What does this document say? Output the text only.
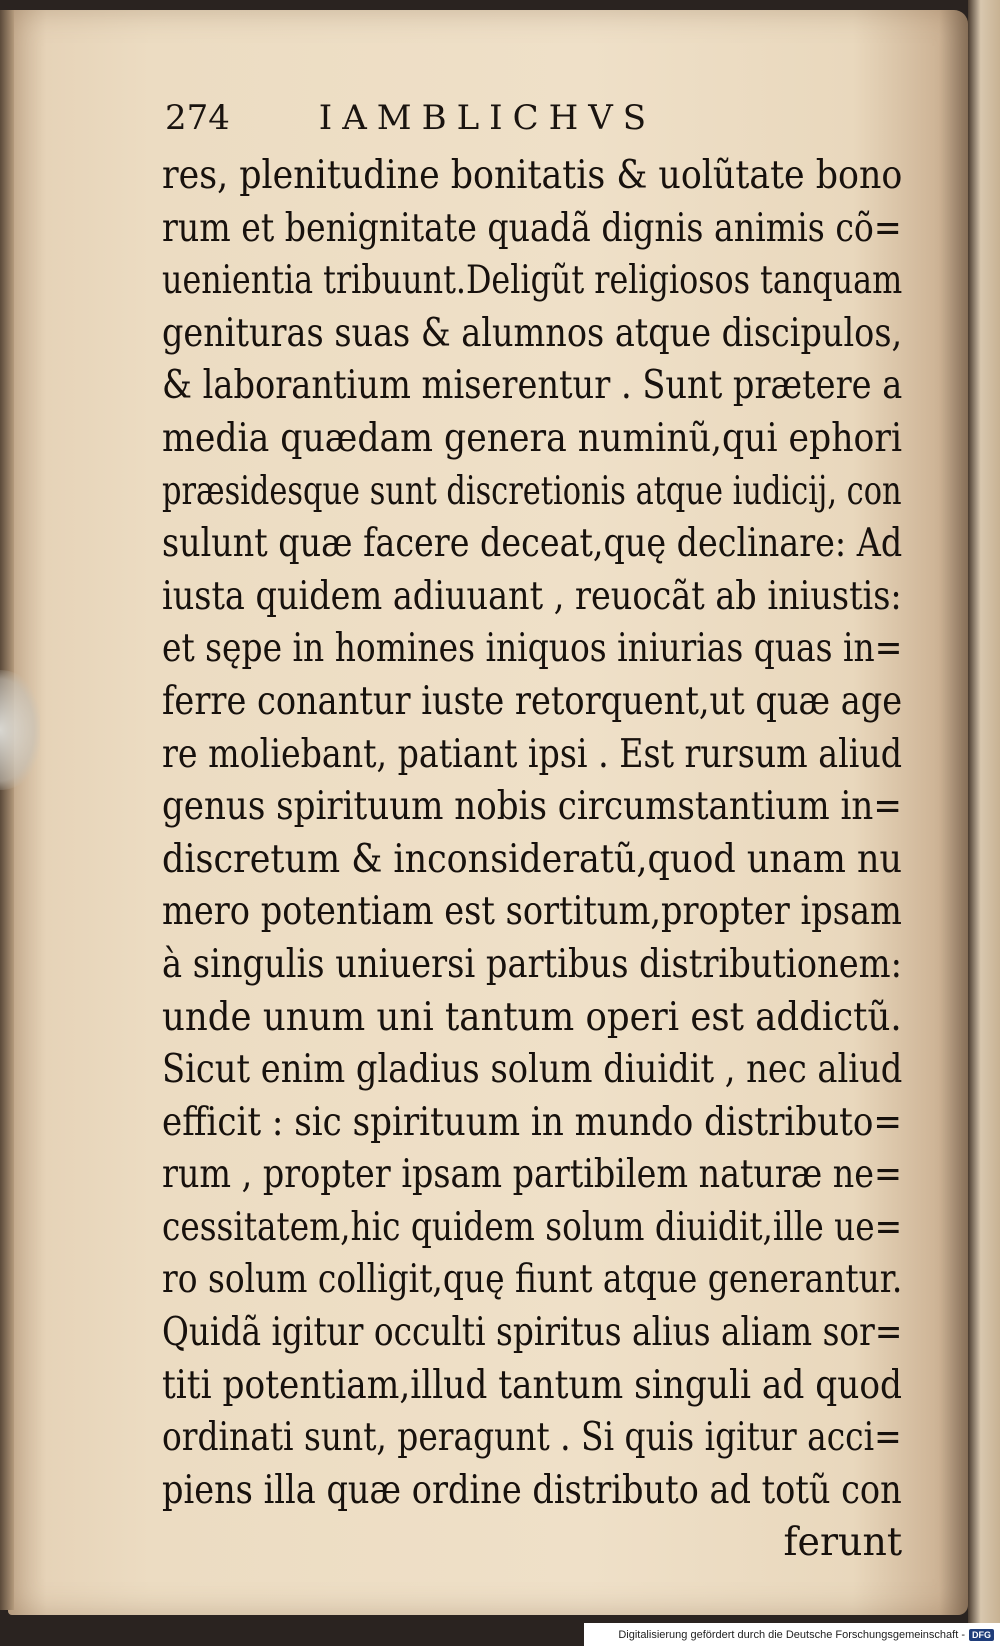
274	IAMBLICHVS
res, plenitudine bonitatis & uolũtate bono
rum et benignitate quadã dignis animis cõ=
uenientia tribuunt.Deligũt religiosos tanquam
genituras suas & alumnos atque discipulos,
& laborantium miserentur . Sunt prætere a
media quædam genera numinũ,qui ephori
præsidesque sunt discretionis atque iudicij, con
sulunt quæ facere deceat,quę declinare: Ad
iusta quidem adiuuant , reuocãt ab iniustis:
et sępe in homines iniquos iniurias quas in=
ferre conantur iuste retorquent,ut quæ age
re moliebant, patiant ipsi . Est rursum aliud
genus spirituum nobis circumstantium in=
discretum & inconsideratũ,quod unam nu
mero potentiam est sortitum,propter ipsam
à singulis uniuersi partibus distributionem:
unde unum uni tantum operi est addictũ.
Sicut enim gladius solum diuidit , nec aliud
efficit : sic spirituum in mundo distributo=
rum , propter ipsam partibilem naturæ ne=
cessitatem,hic quidem solum diuidit,ille ue=
ro solum colligit,quę fiunt atque generantur.
Quidã igitur occulti spiritus alius aliam sor=
titi potentiam,illud tantum singuli ad quod
ordinati sunt, peragunt . Si quis igitur acci=
piens illa quæ ordine distributo ad totũ con
ferunt
Digitalisierung gefördert durch die Deutsche Forschungsgemeinschaft - DFG
